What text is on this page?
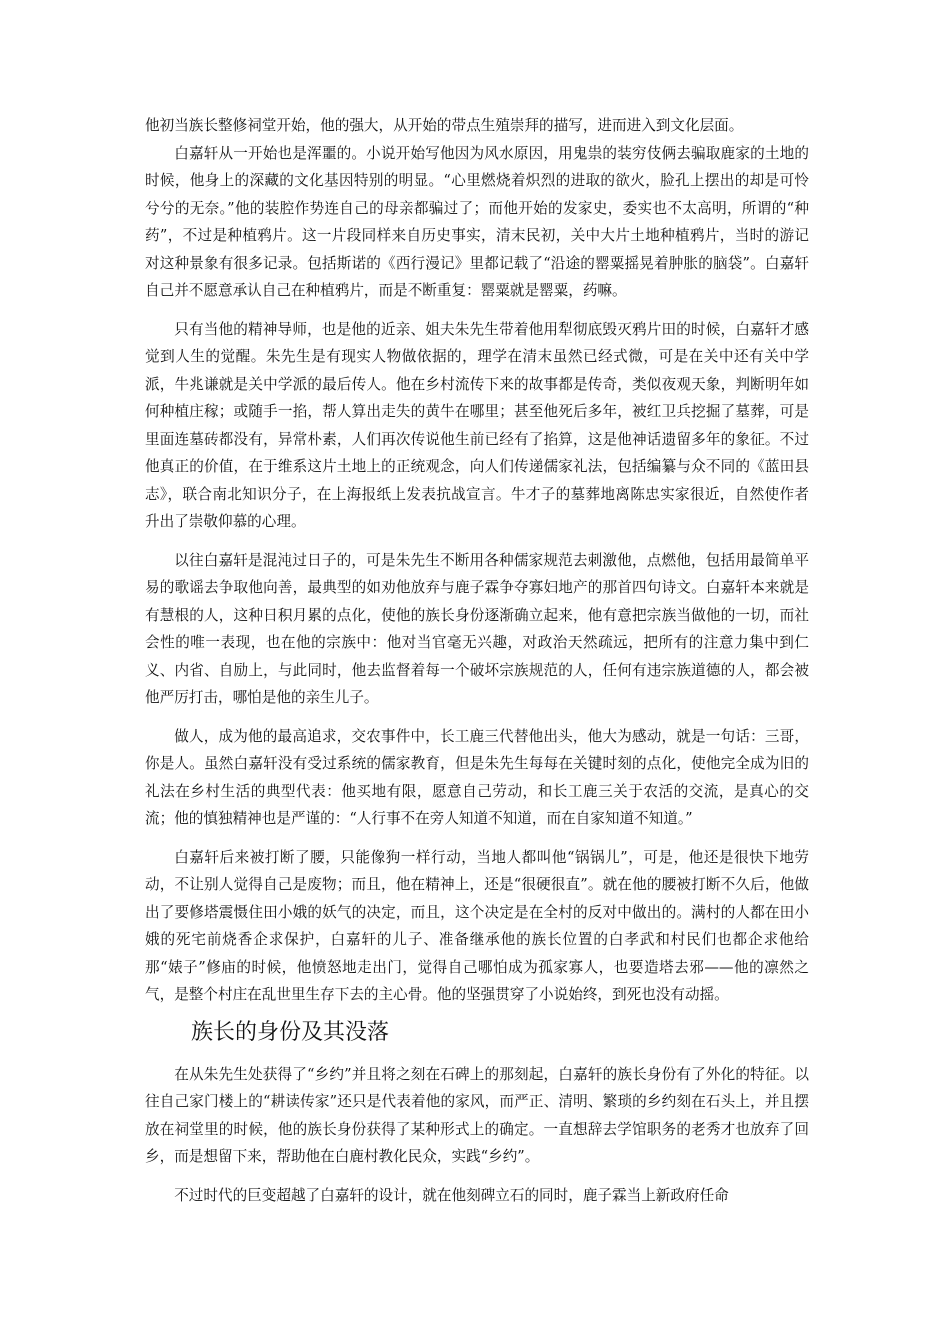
他初当族长整修祠堂开始，他的强大，从开始的带点生殖崇拜的描写，进而进入到文化层面。

白嘉轩从一开始也是浑噩的。小说开始写他因为风水原因，用鬼祟的装穷伎俩去骗取鹿家的土地的时候，他身上的深藏的文化基因特别的明显。“心里燃烧着炽烈的进取的欲火，脸孔上摆出的却是可怜兮兮的无奈。”他的装腔作势连自己的母亲都骗过了；而他开始的发家史，委实也不太高明，所谓的“种药”，不过是种植鸦片。这一片段同样来自历史事实，清末民初，关中大片土地种植鸦片，当时的游记对这种景象有很多记录。包括斯诺的《西行漫记》里都记载了“沿途的罂粟摇晃着肿胀的脑袋”。白嘉轩自己并不愿意承认自己在种植鸦片，而是不断重复：罂粟就是罂粟，药嘛。

只有当他的精神导师，也是他的近亲、姐夫朱先生带着他用犁彻底毁灭鸦片田的时候，白嘉轩才感觉到人生的觉醒。朱先生是有现实人物做依据的，理学在清末虽然已经式微，可是在关中还有关中学派，牛兆谦就是关中学派的最后传人。他在乡村流传下来的故事都是传奇，类似夜观天象，判断明年如何种植庄稼；或随手一掐，帮人算出走失的黄牛在哪里；甚至他死后多年，被红卫兵挖掘了墓葬，可是里面连墓砖都没有，异常朴素，人们再次传说他生前已经有了掐算，这是他神话遗留多年的象征。不过他真正的价值，在于维系这片土地上的正统观念，向人们传递儒家礼法，包括编纂与众不同的《蓝田县志》，联合南北知识分子，在上海报纸上发表抗战宣言。牛才子的墓葬地离陈忠实家很近，自然使作者升出了崇敬仰慕的心理。

以往白嘉轩是混沌过日子的，可是朱先生不断用各种儒家规范去刺激他，点燃他，包括用最简单平易的歌谣去争取他向善，最典型的如劝他放弃与鹿子霖争夺寡妇地产的那首四句诗文。白嘉轩本来就是有慧根的人，这种日积月累的点化，使他的族长身份逐渐确立起来，他有意把宗族当做他的一切，而社会性的唯一表现，也在他的宗族中：他对当官毫无兴趣，对政治天然疏远，把所有的注意力集中到仁义、内省、自励上，与此同时，他去监督着每一个破坏宗族规范的人，任何有违宗族道德的人，都会被他严厉打击，哪怕是他的亲生儿子。

做人，成为他的最高追求，交农事件中，长工鹿三代替他出头，他大为感动，就是一句话：三哥，你是人。虽然白嘉轩没有受过系统的儒家教育，但是朱先生每每在关键时刻的点化，使他完全成为旧的礼法在乡村生活的典型代表：他买地有限，愿意自己劳动，和长工鹿三关于农活的交流，是真心的交流；他的慎独精神也是严谨的：“人行事不在旁人知道不知道，而在自家知道不知道。”

白嘉轩后来被打断了腰，只能像狗一样行动，当地人都叫他“锅锅儿”，可是，他还是很快下地劳动，不让别人觉得自己是废物；而且，他在精神上，还是“很硬很直”。就在他的腰被打断不久后，他做出了要修塔震慑住田小娥的妖气的决定，而且，这个决定是在全村的反对中做出的。满村的人都在田小娥的死宅前烧香企求保护，白嘉轩的儿子、准备继承他的族长位置的白孝武和村民们也都企求他给那“婊子”修庙的时候，他愤怒地走出门，觉得自己哪怕成为孤家寡人，也要造塔去邪——他的凛然之气，是整个村庄在乱世里生存下去的主心骨。他的坚强贯穿了小说始终，到死也没有动摇。

族长的身份及其没落

在从朱先生处获得了“乡约”并且将之刻在石碑上的那刻起，白嘉轩的族长身份有了外化的特征。以往自己家门楼上的“耕读传家”还只是代表着他的家风，而严正、清明、繁琐的乡约刻在石头上，并且摆放在祠堂里的时候，他的族长身份获得了某种形式上的确定。一直想辞去学馆职务的老秀才也放弃了回乡，而是想留下来，帮助他在白鹿村教化民众，实践“乡约”。

不过时代的巨变超越了白嘉轩的设计，就在他刻碑立石的同时，鹿子霖当上新政府任命
